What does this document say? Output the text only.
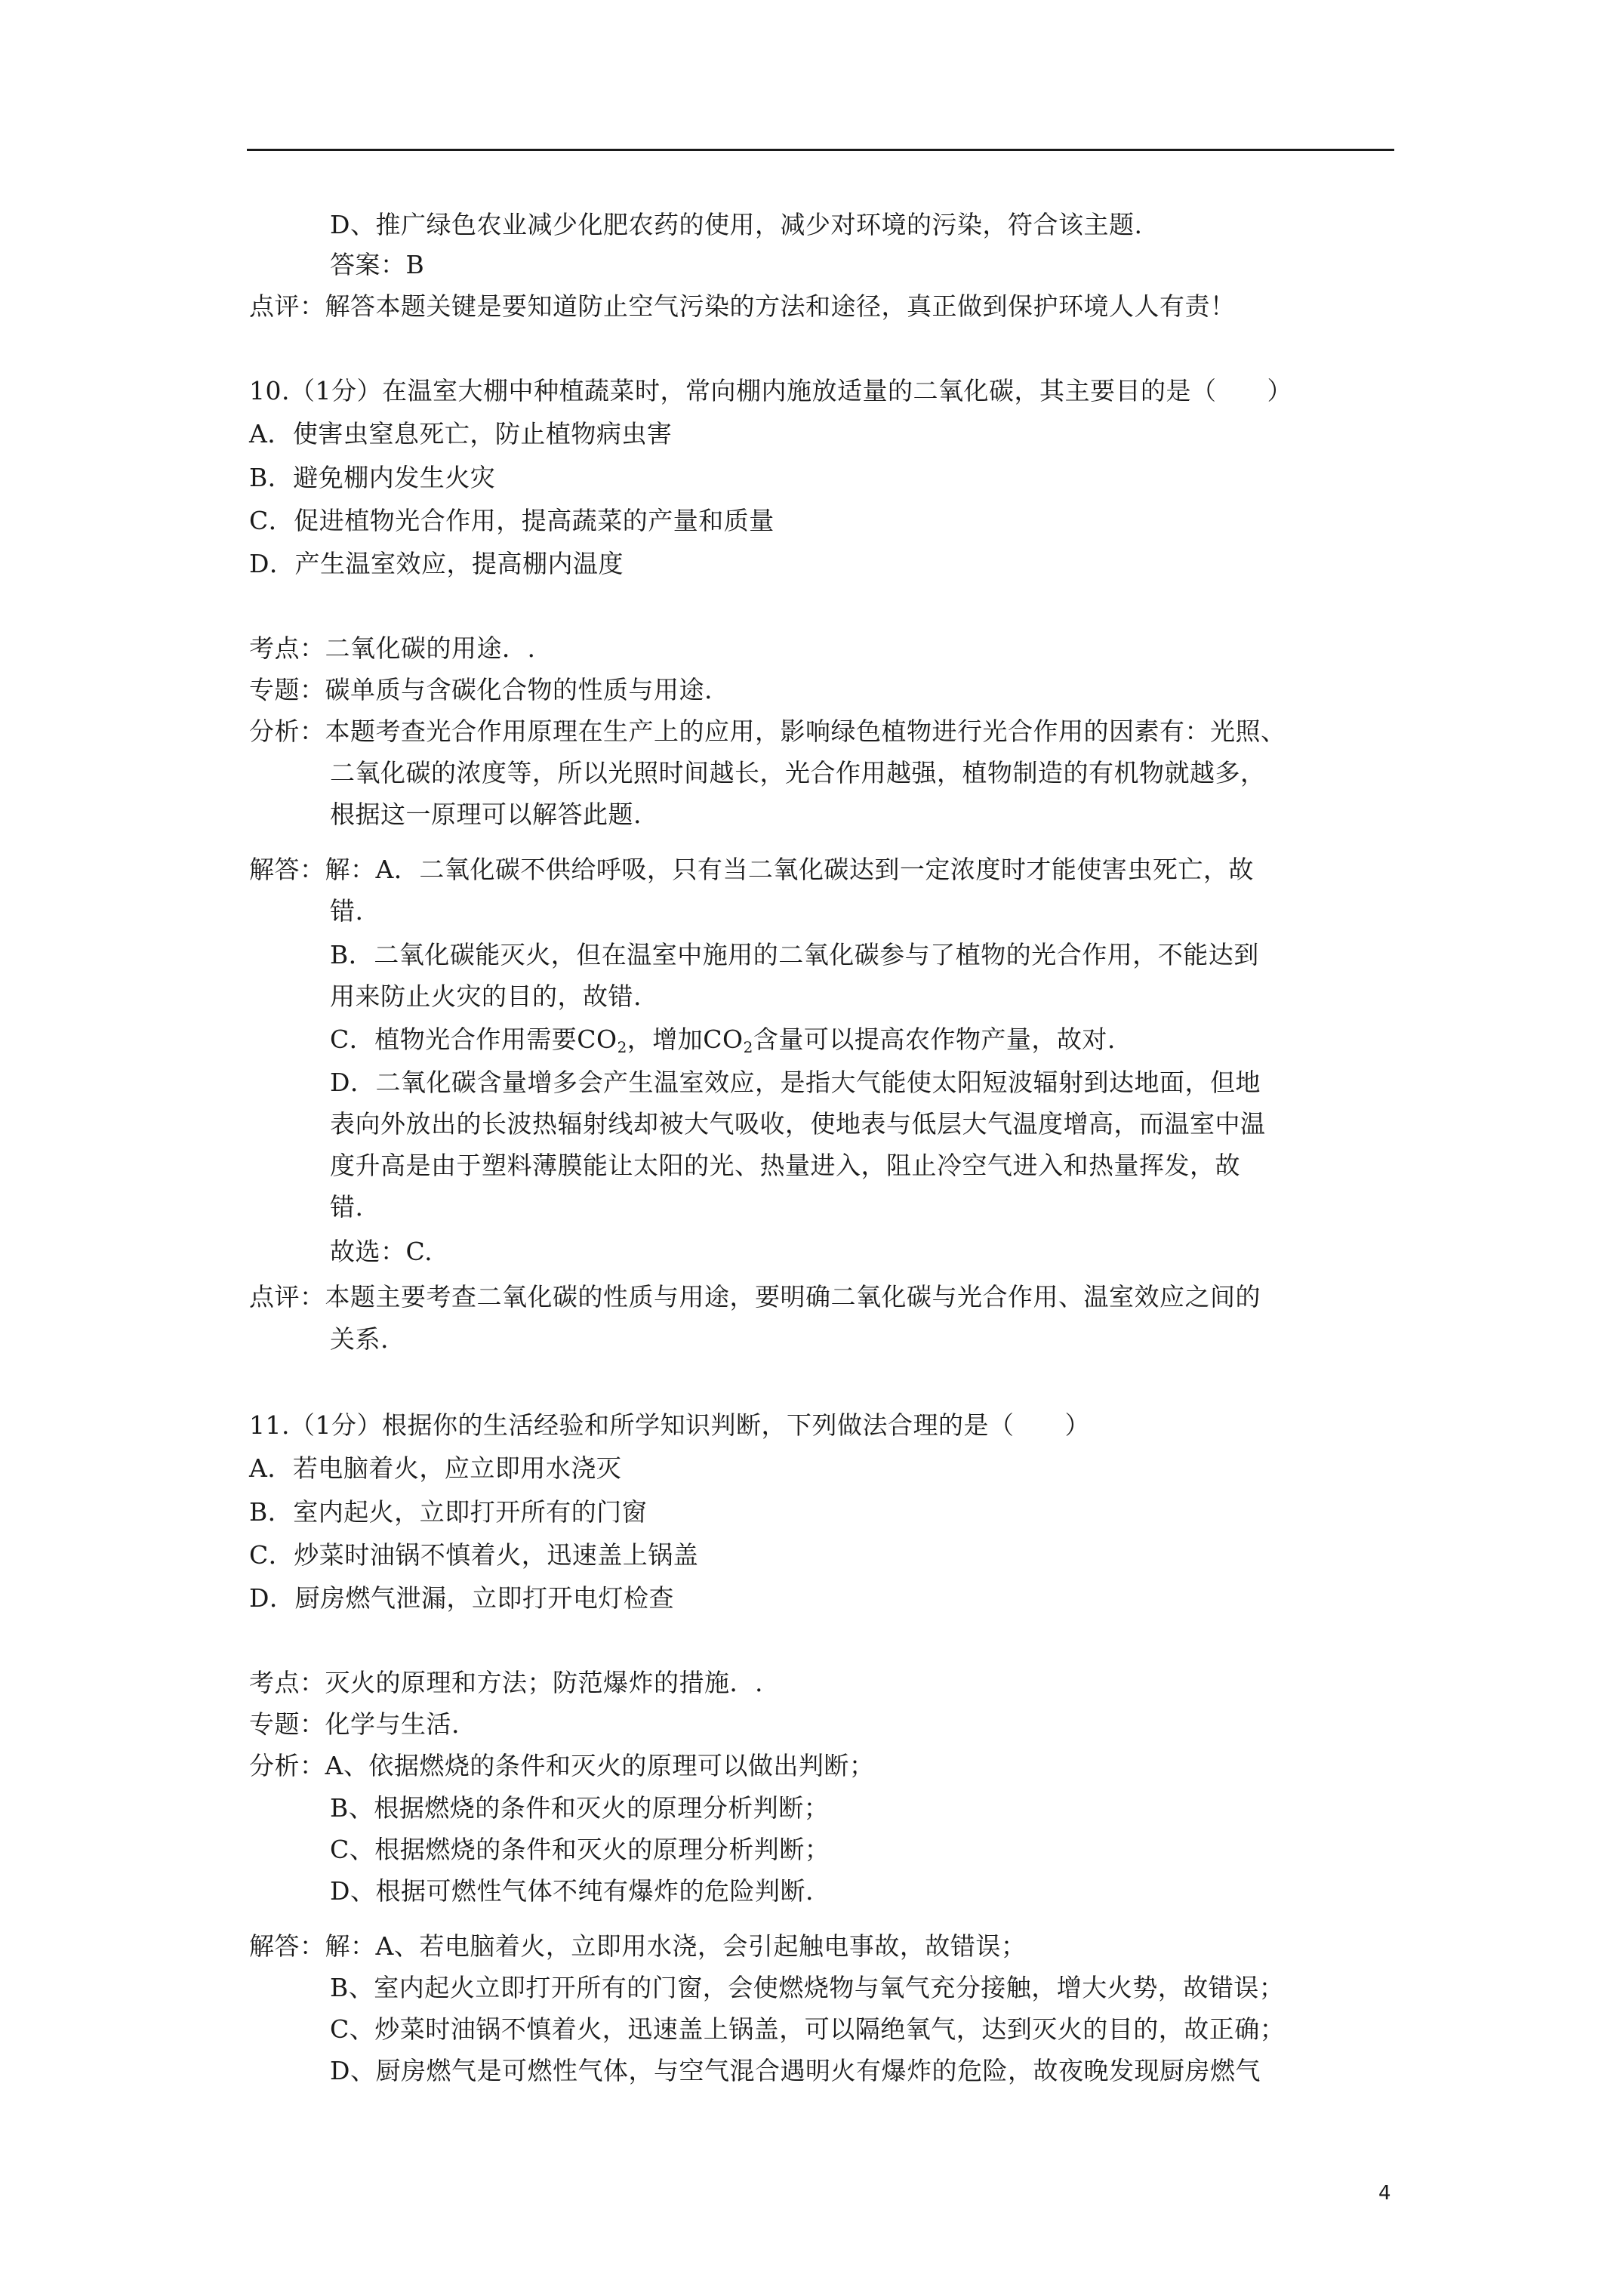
D、推广绿色农业减少化肥农药的使用，减少对环境的污染，符合该主题.
答案：B
点评：解答本题关键是要知道防止空气污染的方法和途径，真正做到保护环境人人有责！
10.（1分）在温室大棚中种植蔬菜时，常向棚内施放适量的二氧化碳，其主要目的是（　　）
A．使害虫窒息死亡，防止植物病虫害
B．避免棚内发生火灾
C．促进植物光合作用，提高蔬菜的产量和质量
D．产生温室效应，提高棚内温度
考点：二氧化碳的用途．.
专题：碳单质与含碳化合物的性质与用途.
分析：本题考查光合作用原理在生产上的应用，影响绿色植物进行光合作用的因素有：光照、
二氧化碳的浓度等，所以光照时间越长，光合作用越强，植物制造的有机物就越多，
根据这一原理可以解答此题.
解答：解：A．二氧化碳不供给呼吸，只有当二氧化碳达到一定浓度时才能使害虫死亡，故
错.
B．二氧化碳能灭火，但在温室中施用的二氧化碳参与了植物的光合作用，不能达到
用来防止火灾的目的，故错.
C．植物光合作用需要$CO_2$，增加$CO_2$含量可以提高农作物产量，故对.
D．二氧化碳含量增多会产生温室效应，是指大气能使太阳短波辐射到达地面，但地
表向外放出的长波热辐射线却被大气吸收，使地表与低层大气温度增高，而温室中温
度升高是由于塑料薄膜能让太阳的光、热量进入，阻止冷空气进入和热量挥发，故
错.
故选：C.
点评：本题主要考查二氧化碳的性质与用途，要明确二氧化碳与光合作用、温室效应之间的
关系.
11.（1分）根据你的生活经验和所学知识判断，下列做法合理的是（　　）
A．若电脑着火，应立即用水浇灭
B．室内起火，立即打开所有的门窗
C．炒菜时油锅不慎着火，迅速盖上锅盖
D．厨房燃气泄漏，立即打开电灯检查
考点：灭火的原理和方法；防范爆炸的措施．.
专题：化学与生活.
分析：A、依据燃烧的条件和灭火的原理可以做出判断；
B、根据燃烧的条件和灭火的原理分析判断；
C、根据燃烧的条件和灭火的原理分析判断；
D、根据可燃性气体不纯有爆炸的危险判断.
解答：解：A、若电脑着火，立即用水浇，会引起触电事故，故错误；
B、室内起火立即打开所有的门窗，会使燃烧物与氧气充分接触，增大火势，故错误；
C、炒菜时油锅不慎着火，迅速盖上锅盖，可以隔绝氧气，达到灭火的目的，故正确；
D、厨房燃气是可燃性气体，与空气混合遇明火有爆炸的危险，故夜晚发现厨房燃气
4
